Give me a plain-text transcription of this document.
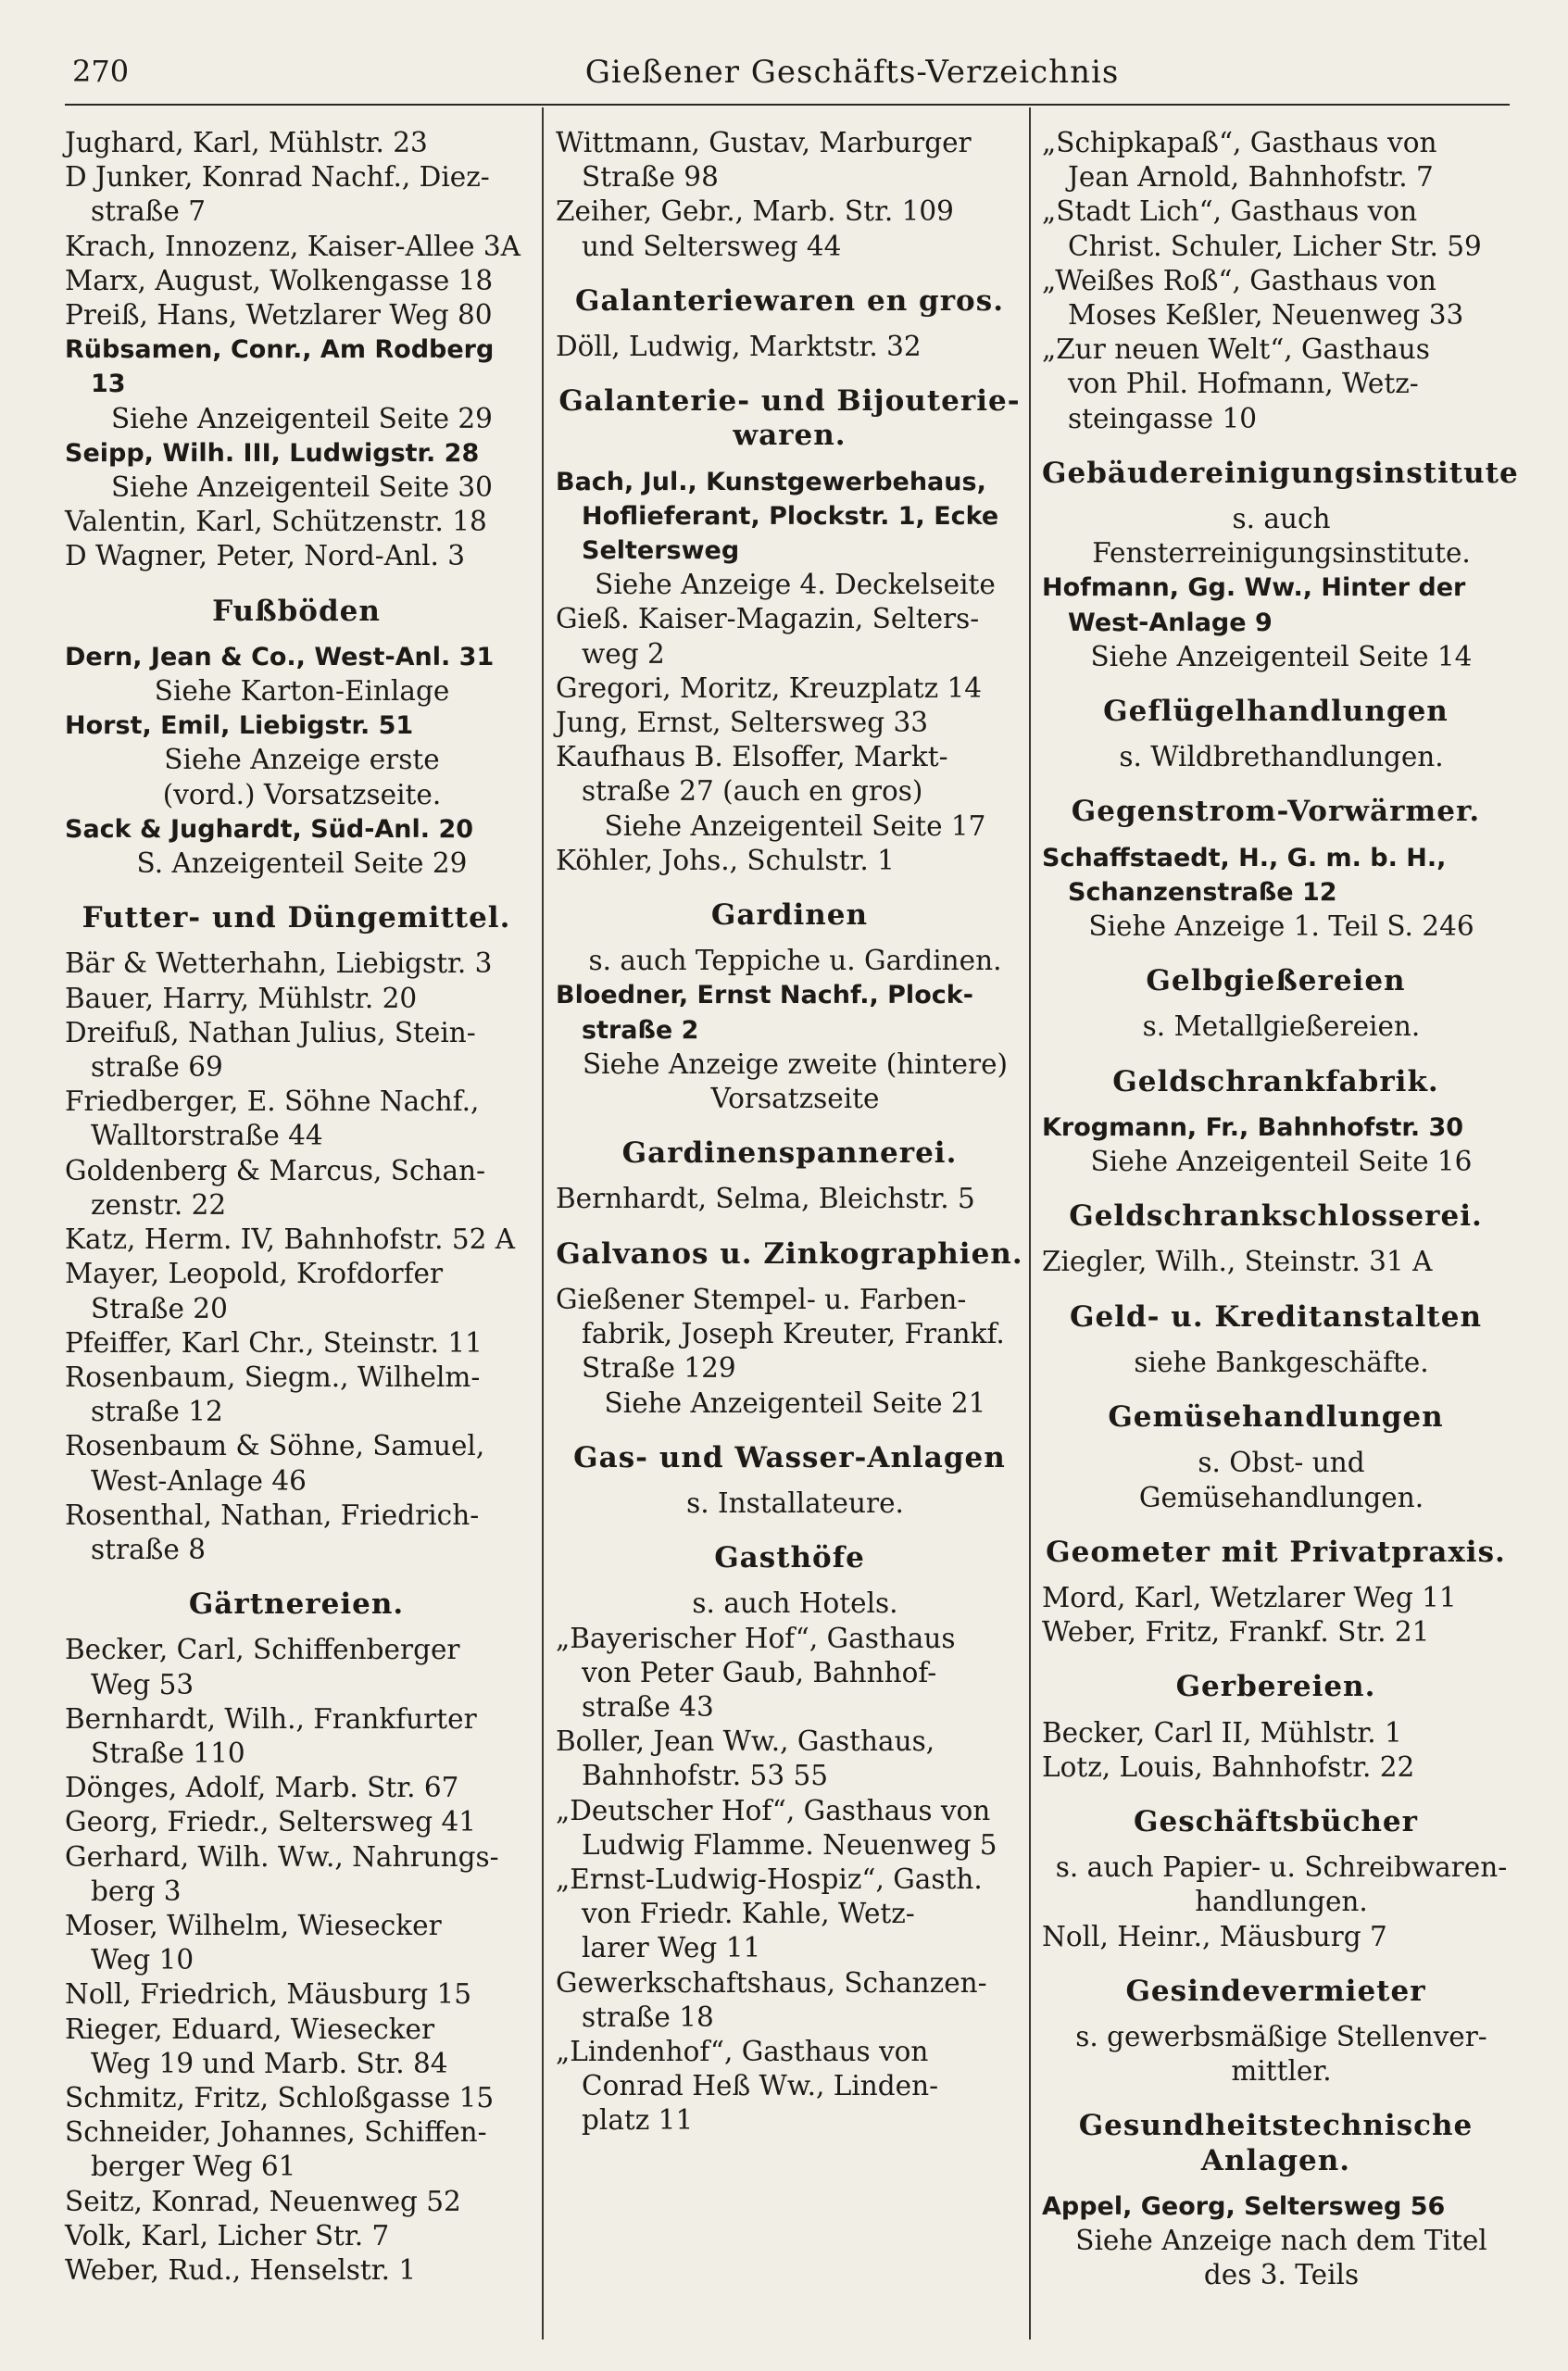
270	Gießener Geschäfts-Verzeichnis
Jughard, Karl, Mühlstr. 23
D Junker, Konrad Nachf., Diez-
straße 7
Krach, Innozenz, Kaiser-Allee 3A
Marx, August, Wolkengasse 18
Preiß, Hans, Wetzlarer Weg 80
Rübsamen, Conr., Am Rodberg 13
Siehe Anzeigenteil Seite 29
Seipp, Wilh. III, Ludwigstr. 28
Siehe Anzeigenteil Seite 30
Valentin, Karl, Schützenstr. 18
D Wagner, Peter, Nord-Anl. 3
Fußböden
Dern, Jean & Co., West-Anl. 31
Siehe Karton-Einlage
Horst, Emil, Liebigstr. 51
Siehe Anzeige erste
(vord.) Vorsatzseite.
Sack & Jughardt, Süd-Anl. 20
S. Anzeigenteil Seite 29
Futter- und Düngemittel.
Bär & Wetterhahn, Liebigstr. 3
Bauer, Harry, Mühlstr. 20
Dreifuß, Nathan Julius, Stein-
straße 69
Friedberger, E. Söhne Nachf.,
Walltorstraße 44
Goldenberg & Marcus, Schan-
zenstr. 22
Katz, Herm. IV, Bahnhofstr. 52 A
Mayer, Leopold, Krofdorfer
Straße 20
Pfeiffer, Karl Chr., Steinstr. 11
Rosenbaum, Siegm., Wilhelm-
straße 12
Rosenbaum & Söhne, Samuel,
West-Anlage 46
Rosenthal, Nathan, Friedrich-
straße 8
Gärtnereien.
Becker, Carl, Schiffenberger
Weg 53
Bernhardt, Wilh., Frankfurter
Straße 110
Dönges, Adolf, Marb. Str. 67
Georg, Friedr., Seltersweg 41
Gerhard, Wilh. Ww., Nahrungs-
berg 3
Moser, Wilhelm, Wiesecker
Weg 10
Noll, Friedrich, Mäusburg 15
Rieger, Eduard, Wiesecker
Weg 19 und Marb. Str. 84
Schmitz, Fritz, Schloßgasse 15
Schneider, Johannes, Schiffen-
berger Weg 61
Seitz, Konrad, Neuenweg 52
Volk, Karl, Licher Str. 7
Weber, Rud., Henselstr. 1
Wittmann, Gustav, Marburger
Straße 98
Zeiher, Gebr., Marb. Str. 109
und Seltersweg 44
Galanteriewaren en gros.
Döll, Ludwig, Marktstr. 32
Galanterie- und Bijouterie-
waren.
Bach, Jul., Kunstgewerbehaus,
Hoflieferant, Plockstr. 1, Ecke
Seltersweg
Siehe Anzeige 4. Deckelseite
Gieß. Kaiser-Magazin, Selters-
weg 2
Gregori, Moritz, Kreuzplatz 14
Jung, Ernst, Seltersweg 33
Kaufhaus B. Elsoffer, Markt-
straße 27 (auch en gros)
Siehe Anzeigenteil Seite 17
Köhler, Johs., Schulstr. 1
Gardinen
s. auch Teppiche u. Gardinen.
Bloedner, Ernst Nachf., Plock-
straße 2
Siehe Anzeige zweite (hintere)
Vorsatzseite
Gardinenspannerei.
Bernhardt, Selma, Bleichstr. 5
Galvanos u. Zinkographien.
Gießener Stempel- u. Farben-
fabrik, Joseph Kreuter, Frankf.
Straße 129
Siehe Anzeigenteil Seite 21
Gas- und Wasser-Anlagen
s. Installateure.
Gasthöfe
s. auch Hotels.
„Bayerischer Hof“, Gasthaus
von Peter Gaub, Bahnhof-
straße 43
Boller, Jean Ww., Gasthaus,
Bahnhofstr. 53 55
„Deutscher Hof“, Gasthaus von
Ludwig Flamme. Neuenweg 5
„Ernst-Ludwig-Hospiz“, Gasth.
von Friedr. Kahle, Wetz-
larer Weg 11
Gewerkschaftshaus, Schanzen-
straße 18
„Lindenhof“, Gasthaus von
Conrad Heß Ww., Linden-
platz 11
„Schipkapaß“, Gasthaus von
Jean Arnold, Bahnhofstr. 7
„Stadt Lich“, Gasthaus von
Christ. Schuler, Licher Str. 59
„Weißes Roß“, Gasthaus von
Moses Keßler, Neuenweg 33
„Zur neuen Welt“, Gasthaus
von Phil. Hofmann, Wetz-
steingasse 10
Gebäudereinigungsinstitute
s. auch Fensterreinigungsinstitute.
Hofmann, Gg. Ww., Hinter der
West-Anlage 9
Siehe Anzeigenteil Seite 14
Geflügelhandlungen
s. Wildbrethandlungen.
Gegenstrom-Vorwärmer.
Schaffstaedt, H., G. m. b. H.,
Schanzenstraße 12
Siehe Anzeige 1. Teil S. 246
Gelbgießereien
s. Metallgießereien.
Geldschrankfabrik.
Krogmann, Fr., Bahnhofstr. 30
Siehe Anzeigenteil Seite 16
Geldschrankschlosserei.
Ziegler, Wilh., Steinstr. 31 A
Geld- u. Kreditanstalten
siehe Bankgeschäfte.
Gemüsehandlungen
s. Obst- und Gemüsehandlungen.
Geometer mit Privatpraxis.
Mord, Karl, Wetzlarer Weg 11
Weber, Fritz, Frankf. Str. 21
Gerbereien.
Becker, Carl II, Mühlstr. 1
Lotz, Louis, Bahnhofstr. 22
Geschäftsbücher
s. auch Papier- u. Schreibwaren-
handlungen.
Noll, Heinr., Mäusburg 7
Gesindevermieter
s. gewerbsmäßige Stellenver-
mittler.
Gesundheitstechnische
Anlagen.
Appel, Georg, Seltersweg 56
Siehe Anzeige nach dem Titel
des 3. Teils
